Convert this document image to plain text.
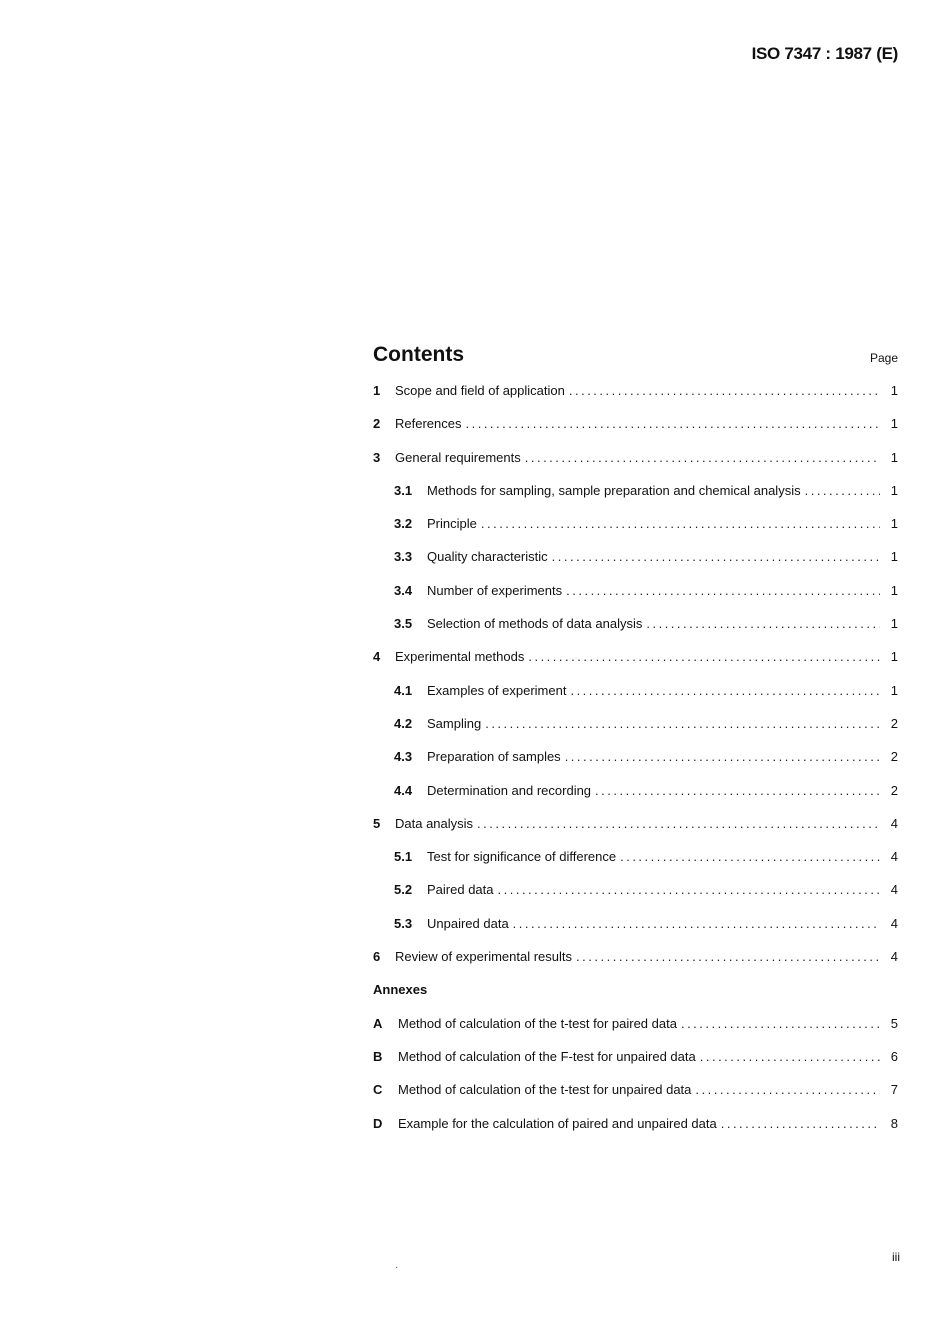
ISO 7347 : 1987 (E)
Contents	Page
1	Scope and field of application .....	1
2	References .....	1
3	General requirements .....	1
3.1	Methods for sampling, sample preparation and chemical analysis .....	1
3.2	Principle .....	1
3.3	Quality characteristic .....	1
3.4	Number of experiments .....	1
3.5	Selection of methods of data analysis .....	1
4	Experimental methods .....	1
4.1	Examples of experiment .....	1
4.2	Sampling .....	2
4.3	Preparation of samples .....	2
4.4	Determination and recording .....	2
5	Data analysis .....	4
5.1	Test for significance of difference .....	4
5.2	Paired data .....	4
5.3	Unpaired data .....	4
6	Review of experimental results .....	4
Annexes
A	Method of calculation of the t-test for paired data .....	5
B	Method of calculation of the F-test for unpaired data .....	6
C	Method of calculation of the t-test for unpaired data .....	7
D	Example for the calculation of paired and unpaired data .....	8
·
iii
